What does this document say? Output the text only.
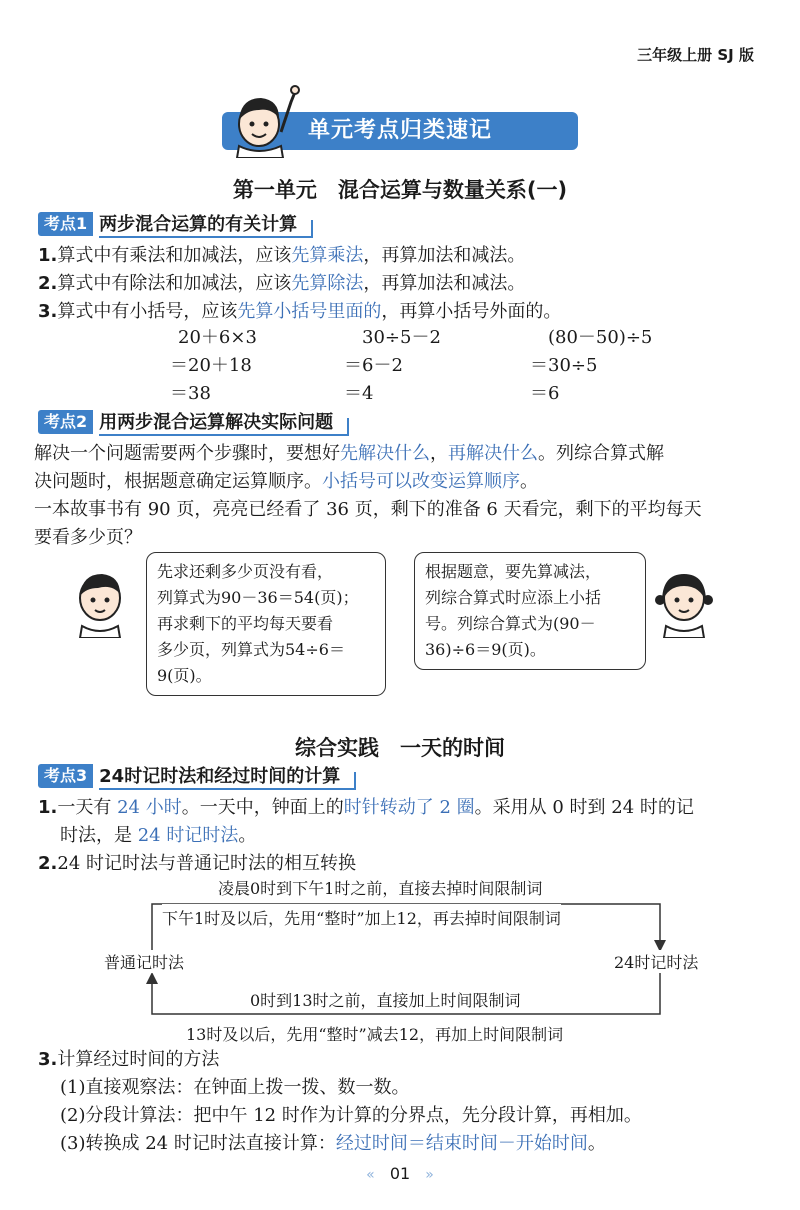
三年级上册 SJ 版
单元考点归类速记
第一单元　混合运算与数量关系(一)
考点1 两步混合运算的有关计算
1.算式中有乘法和加减法，应该先算乘法，再算加法和减法。
2.算式中有除法和加减法，应该先算除法，再算加法和减法。
3.算式中有小括号，应该先算小括号里面的，再算小括号外面的。
20＋6×3
＝20＋18
＝38
30÷5－2
＝6－2
＝4
(80－50)÷5
＝30÷5
＝6
考点2 用两步混合运算解决实际问题
解决一个问题需要两个步骤时，要想好先解决什么，再解决什么。列综合算式解
决问题时，根据题意确定运算顺序。小括号可以改变运算顺序。
一本故事书有 90 页，亮亮已经看了 36 页，剩下的准备 6 天看完，剩下的平均每天
要看多少页？
先求还剩多少页没有看，
列算式为90－36＝54(页)；
再求剩下的平均每天要看
多少页，列算式为54÷6＝
9(页)。
根据题意，要先算减法，
列综合算式时应添上小括
号。列综合算式为(90－
36)÷6＝9(页)。
综合实践　一天的时间
考点3 24时记时法和经过时间的计算
1.一天有 24 小时。一天中，钟面上的时针转动了 2 圈。采用从 0 时到 24 时的记
时法，是 24 时记时法。
2.24 时记时法与普通记时法的相互转换
凌晨0时到下午1时之前，直接去掉时间限制词
下午1时及以后，先用“整时”加上12，再去掉时间限制词
普通记时法	24时记时法
0时到13时之前，直接加上时间限制词
13时及以后，先用“整时”减去12，再加上时间限制词
3.计算经过时间的方法
(1)直接观察法：在钟面上拨一拨、数一数。
(2)分段计算法：把中午 12 时作为计算的分界点，先分段计算，再相加。
(3)转换成 24 时记时法直接计算：经过时间＝结束时间－开始时间。
« 01 »
